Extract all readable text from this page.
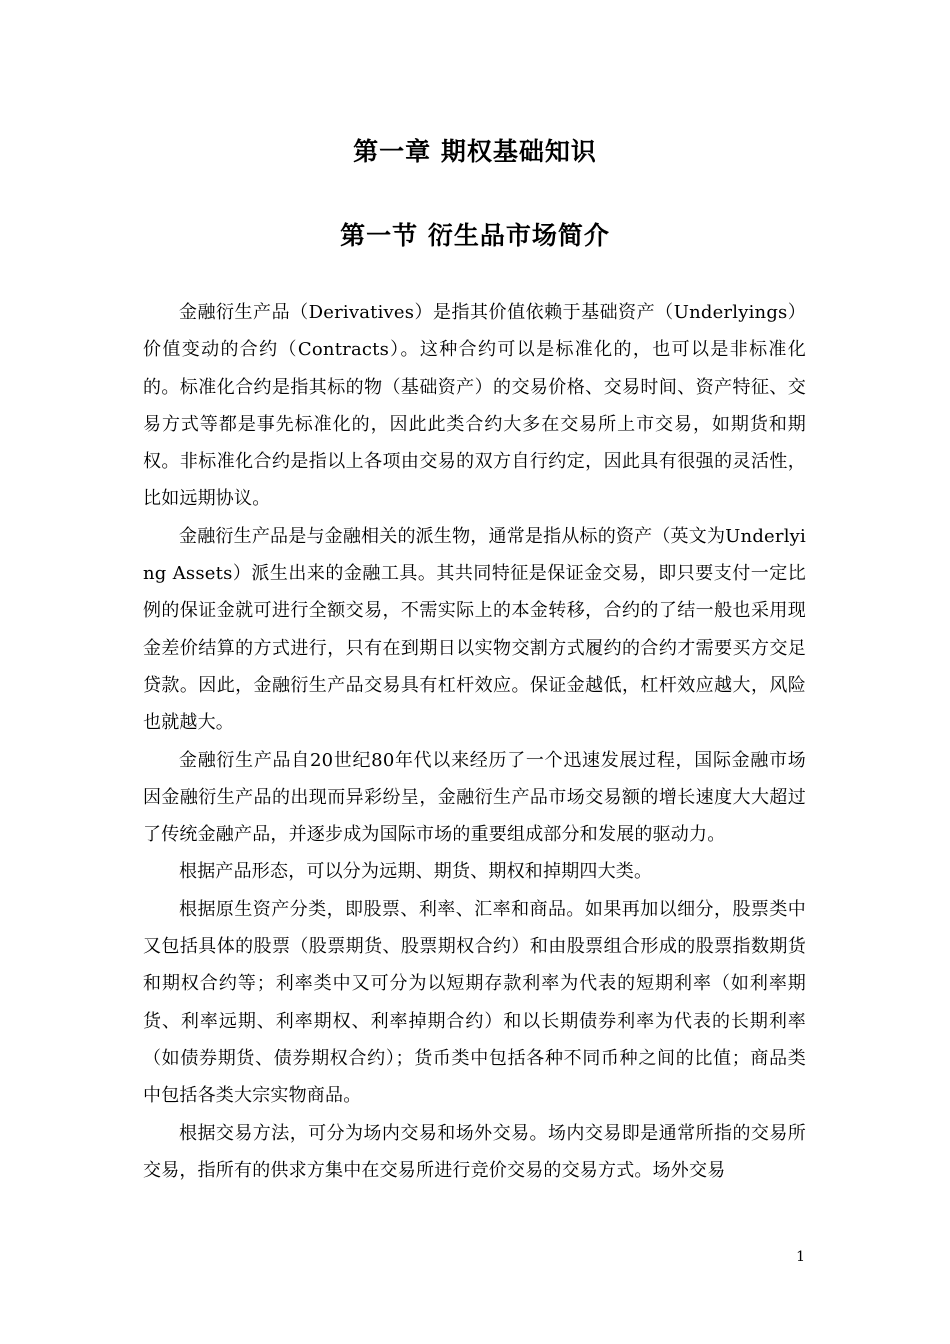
第一章 期权基础知识
第一节 衍生品市场简介

金融衍生产品（Derivatives）是指其价值依赖于基础资产（Underlyings）价值变动的合约（Contracts）。这种合约可以是标准化的，也可以是非标准化的。标准化合约是指其标的物（基础资产）的交易价格、交易时间、资产特征、交易方式等都是事先标准化的，因此此类合约大多在交易所上市交易，如期货和期权。非标准化合约是指以上各项由交易的双方自行约定，因此具有很强的灵活性，比如远期协议。

金融衍生产品是与金融相关的派生物，通常是指从标的资产（英文为Underlying Assets）派生出来的金融工具。其共同特征是保证金交易，即只要支付一定比例的保证金就可进行全额交易，不需实际上的本金转移，合约的了结一般也采用现金差价结算的方式进行，只有在到期日以实物交割方式履约的合约才需要买方交足贷款。因此，金融衍生产品交易具有杠杆效应。保证金越低，杠杆效应越大，风险也就越大。

金融衍生产品自20世纪80年代以来经历了一个迅速发展过程，国际金融市场因金融衍生产品的出现而异彩纷呈，金融衍生产品市场交易额的增长速度大大超过了传统金融产品，并逐步成为国际市场的重要组成部分和发展的驱动力。

根据产品形态，可以分为远期、期货、期权和掉期四大类。

根据原生资产分类，即股票、利率、汇率和商品。如果再加以细分，股票类中又包括具体的股票（股票期货、股票期权合约）和由股票组合形成的股票指数期货和期权合约等；利率类中又可分为以短期存款利率为代表的短期利率（如利率期货、利率远期、利率期权、利率掉期合约）和以长期债券利率为代表的长期利率（如债券期货、债券期权合约）；货币类中包括各种不同币种之间的比值；商品类中包括各类大宗实物商品。

根据交易方法，可分为场内交易和场外交易。场内交易即是通常所指的交易所交易，指所有的供求方集中在交易所进行竞价交易的交易方式。场外交易

1
